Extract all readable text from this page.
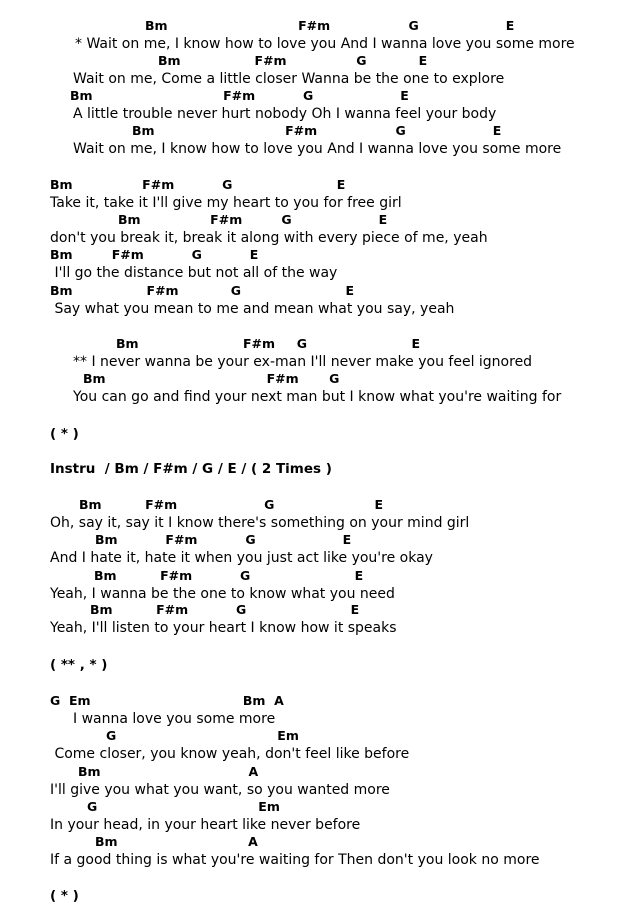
Bm                              F#m                  G                    E
* Wait on me, I know how to love you And I wanna love you some more
Bm                 F#m                G            E
Wait on me, Come a little closer Wanna be the one to explore
Bm                              F#m           G                    E
A little trouble never hurt nobody Oh I wanna feel your body
Bm                              F#m                  G                    E
Wait on me, I know how to love you And I wanna love you some more
Bm                F#m           G                        E
Take it, take it I'll give my heart to you for free girl
Bm                F#m         G                    E
don't you break it, break it along with every piece of me, yeah
Bm         F#m           G           E
I'll go the distance but not all of the way
Bm                 F#m            G                        E
Say what you mean to me and mean what you say, yeah
Bm                        F#m     G                        E
** I never wanna be your ex-man I'll never make you feel ignored
Bm                                     F#m       G
You can go and find your next man but I know what you're waiting for
( * )
Instru  / Bm / F#m / G / E / ( 2 Times )
Bm          F#m                    G                       E
Oh, say it, say it I know there's something on your mind girl
Bm           F#m           G                    E
And I hate it, hate it when you just act like you're okay
Bm          F#m           G                        E
Yeah, I wanna be the one to know what you need
Bm          F#m           G                        E
Yeah, I'll listen to your heart I know how it speaks
( ** , * )
G  Em                                   Bm  A
I wanna love you some more
G                                     Em
Come closer, you know yeah, don't feel like before
Bm                                  A
I'll give you what you want, so you wanted more
G                                     Em
In your head, in your heart like never before
Bm                              A
If a good thing is what you're waiting for Then don't you look no more
( * )
